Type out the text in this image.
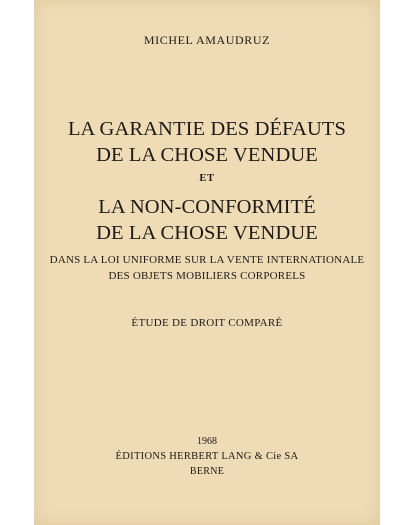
MICHEL AMAUDRUZ
LA GARANTIE DES DÉFAUTS
DE LA CHOSE VENDUE
ET
LA NON-CONFORMITÉ
DE LA CHOSE VENDUE
DANS LA LOI UNIFORME SUR LA VENTE INTERNATIONALE
DES OBJETS MOBILIERS CORPORELS
ÉTUDE DE DROIT COMPARÉ
1968
ÉDITIONS HERBERT LANG & Cie SA
BERNE
